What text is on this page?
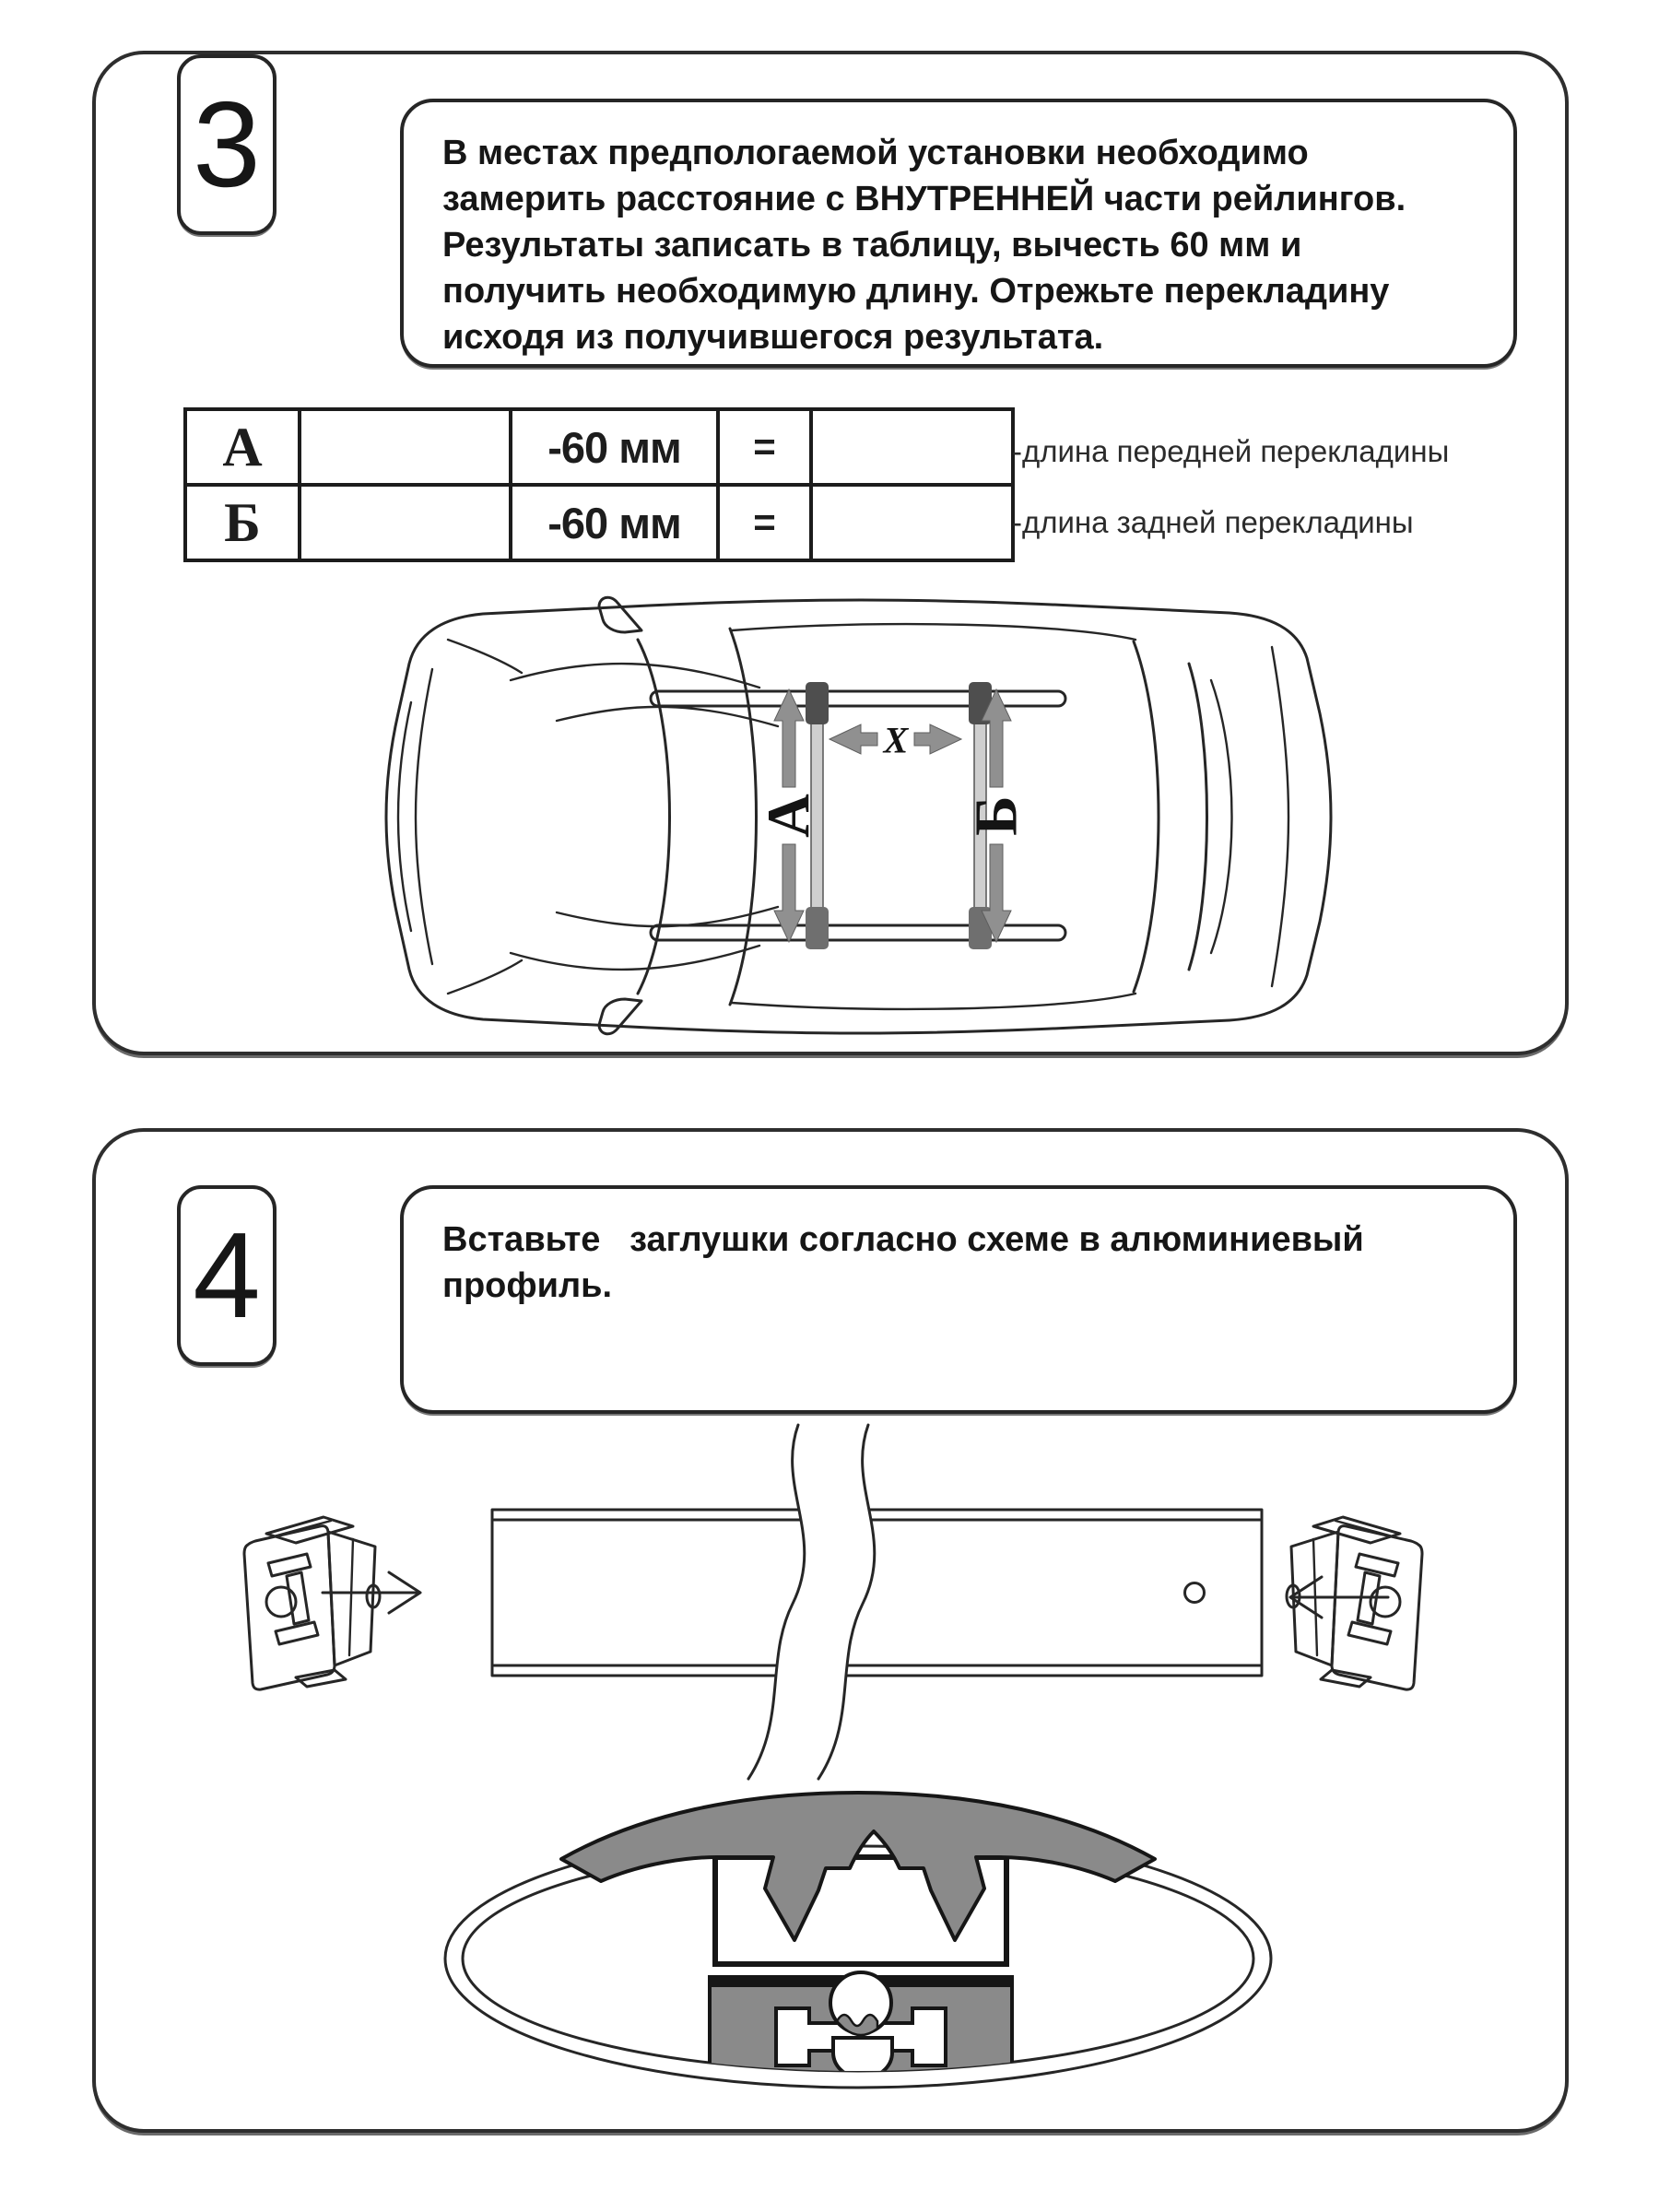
3	В местах предпологаемой установки необходимо замерить расстояние с ВНУТРЕННЕЙ части рейлингов. Результаты записать в таблицу, вычесть 60 мм и получить необходимую длину. Отрежьте перекладину исходя из получившегося результата.
А		-60 мм	=	
Б		-60 мм	=	
-длина передней перекладины
-длина задней перекладины
А Б
X
4	Вставьте   заглушки согласно схеме в алюминиевый профиль.
